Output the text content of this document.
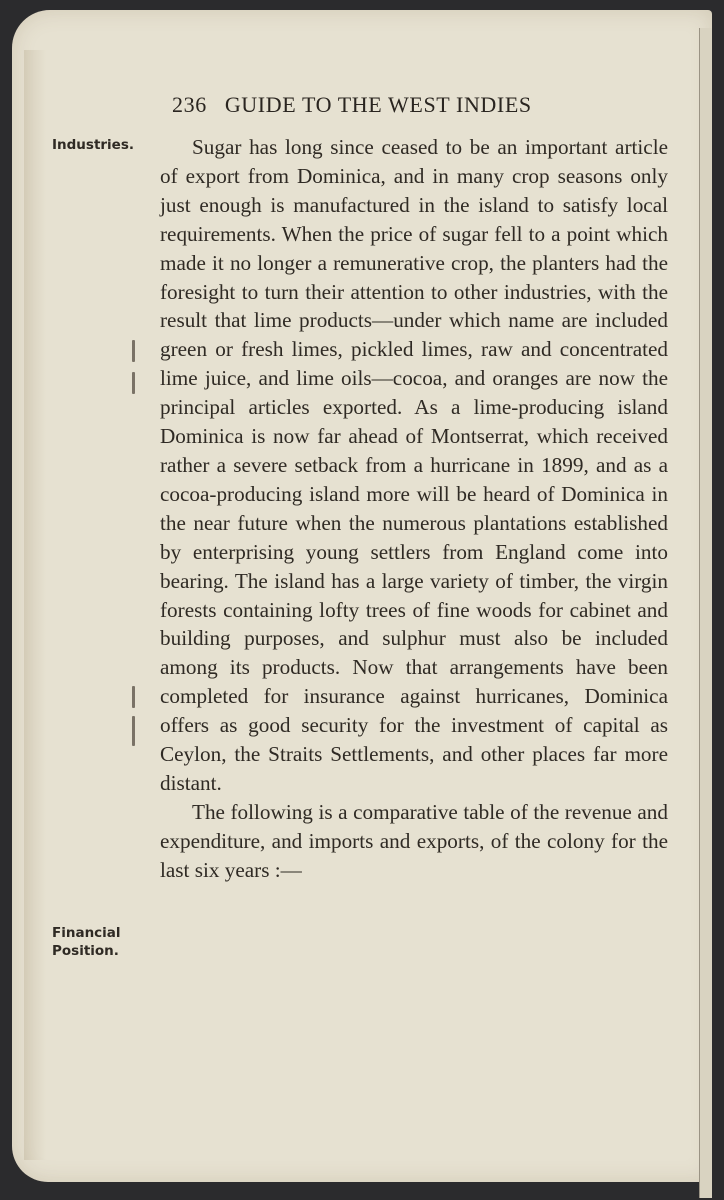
236 GUIDE TO THE WEST INDIES
Industries.
Financial
Position.

Sugar has long since ceased to be an important article of export from Dominica, and in many crop seasons only just enough is manufactured in the island to satisfy local requirements. When the price of sugar fell to a point which made it no longer a remunerative crop, the planters had the foresight to turn their attention to other industries, with the result that lime products—under which name are included green or fresh limes, pickled limes, raw and concentrated lime juice, and lime oils—cocoa, and oranges are now the principal articles exported. As a lime-producing island Dominica is now far ahead of Montserrat, which received rather a severe setback from a hurricane in 1899, and as a cocoa-producing island more will be heard of Dominica in the near future when the numerous plantations established by enterprising young settlers from England come into bearing. The island has a large variety of timber, the virgin forests containing lofty trees of fine woods for cabinet and building purposes, and sulphur must also be included among its products. Now that arrangements have been completed for insurance against hurricanes, Dominica offers as good security for the investment of capital as Ceylon, the Straits Settlements, and other places far more distant.

The following is a comparative table of the revenue and expenditure, and imports and exports, of the colony for the last six years :—
